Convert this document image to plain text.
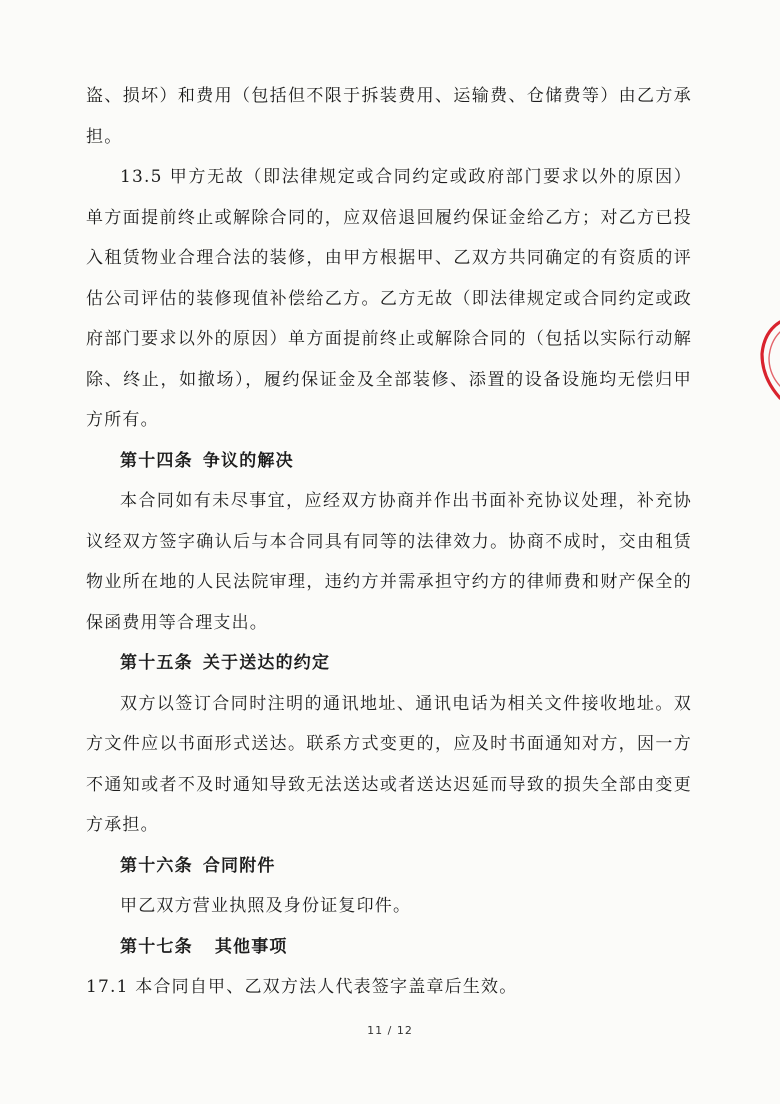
盗、损坏）和费用（包括但不限于拆装费用、运输费、仓储费等）由乙方承担。

13.5 甲方无故（即法律规定或合同约定或政府部门要求以外的原因）单方面提前终止或解除合同的，应双倍退回履约保证金给乙方；对乙方已投入租赁物业合理合法的装修，由甲方根据甲、乙双方共同确定的有资质的评估公司评估的装修现值补偿给乙方。乙方无故（即法律规定或合同约定或政府部门要求以外的原因）单方面提前终止或解除合同的（包括以实际行动解除、终止，如撤场），履约保证金及全部装修、添置的设备设施均无偿归甲方所有。

第十四条 争议的解决

本合同如有未尽事宜，应经双方协商并作出书面补充协议处理，补充协议经双方签字确认后与本合同具有同等的法律效力。协商不成时，交由租赁物业所在地的人民法院审理，违约方并需承担守约方的律师费和财产保全的保函费用等合理支出。

第十五条 关于送达的约定

双方以签订合同时注明的通讯地址、通讯电话为相关文件接收地址。双方文件应以书面形式送达。联系方式变更的，应及时书面通知对方，因一方不通知或者不及时通知导致无法送达或者送达迟延而导致的损失全部由变更方承担。

第十六条 合同附件

甲乙双方营业执照及身份证复印件。

第十七条 其他事项

17.1 本合同自甲、乙双方法人代表签字盖章后生效。

11 / 12
